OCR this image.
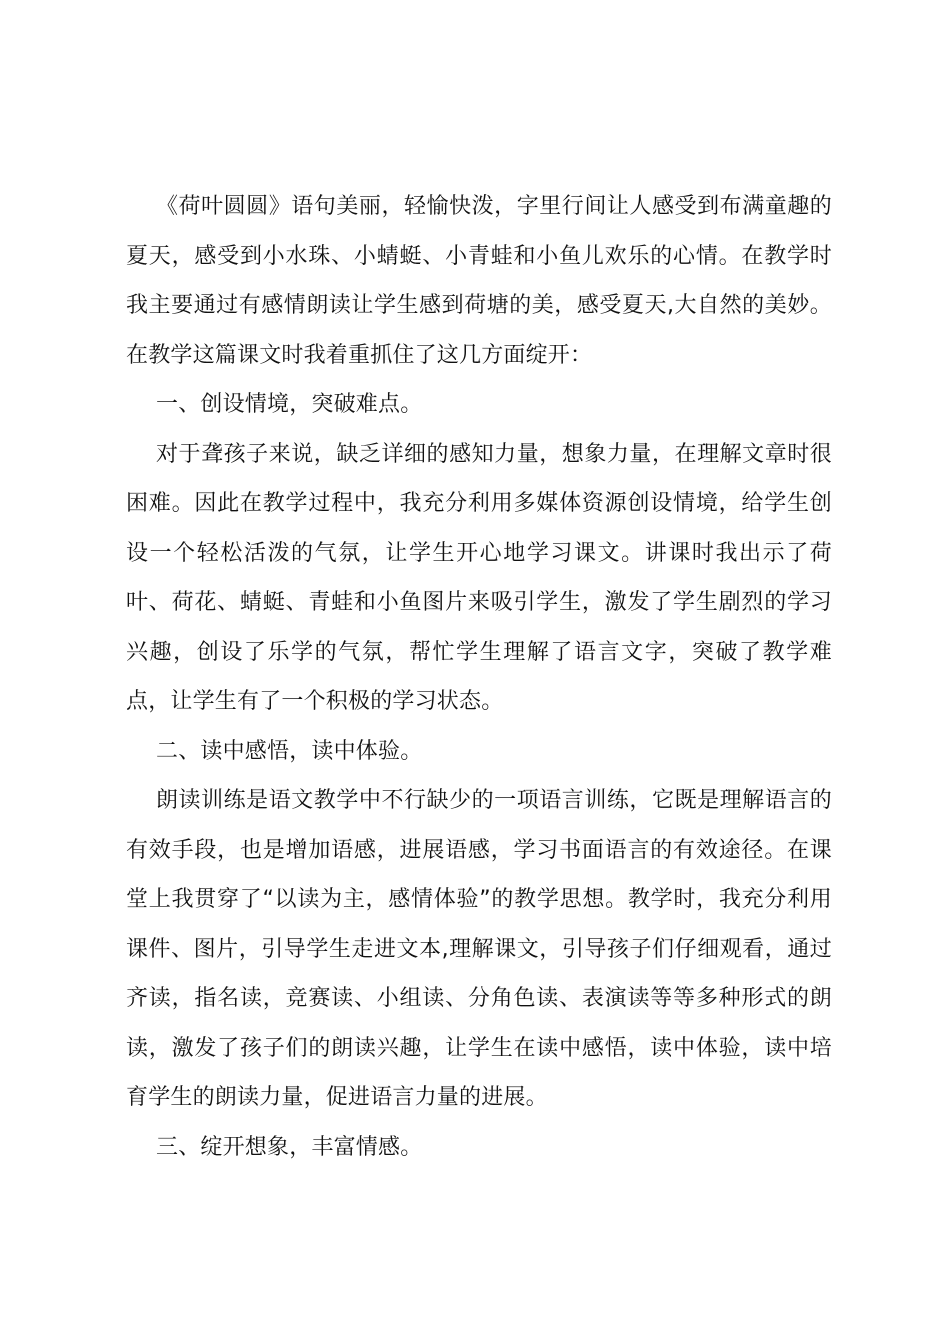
《荷叶圆圆》语句美丽，轻愉快泼，字里行间让人感受到布满童趣的夏天，感受到小水珠、小蜻蜓、小青蛙和小鱼儿欢乐的心情。在教学时我主要通过有感情朗读让学生感到荷塘的美，感受夏天,大自然的美妙。在教学这篇课文时我着重抓住了这几方面绽开：

一、创设情境，突破难点。

对于聋孩子来说，缺乏详细的感知力量，想象力量，在理解文章时很困难。因此在教学过程中，我充分利用多媒体资源创设情境，给学生创设一个轻松活泼的气氛，让学生开心地学习课文。讲课时我出示了荷叶、荷花、蜻蜓、青蛙和小鱼图片来吸引学生，激发了学生剧烈的学习兴趣，创设了乐学的气氛，帮忙学生理解了语言文字，突破了教学难点，让学生有了一个积极的学习状态。

二、读中感悟，读中体验。

朗读训练是语文教学中不行缺少的一项语言训练，它既是理解语言的有效手段，也是增加语感，进展语感，学习书面语言的有效途径。在课堂上我贯穿了“以读为主，感情体验”的教学思想。教学时，我充分利用课件、图片，引导学生走进文本,理解课文，引导孩子们仔细观看，通过齐读，指名读，竞赛读、小组读、分角色读、表演读等等多种形式的朗读，激发了孩子们的朗读兴趣，让学生在读中感悟，读中体验，读中培育学生的朗读力量，促进语言力量的进展。

三、绽开想象，丰富情感。
